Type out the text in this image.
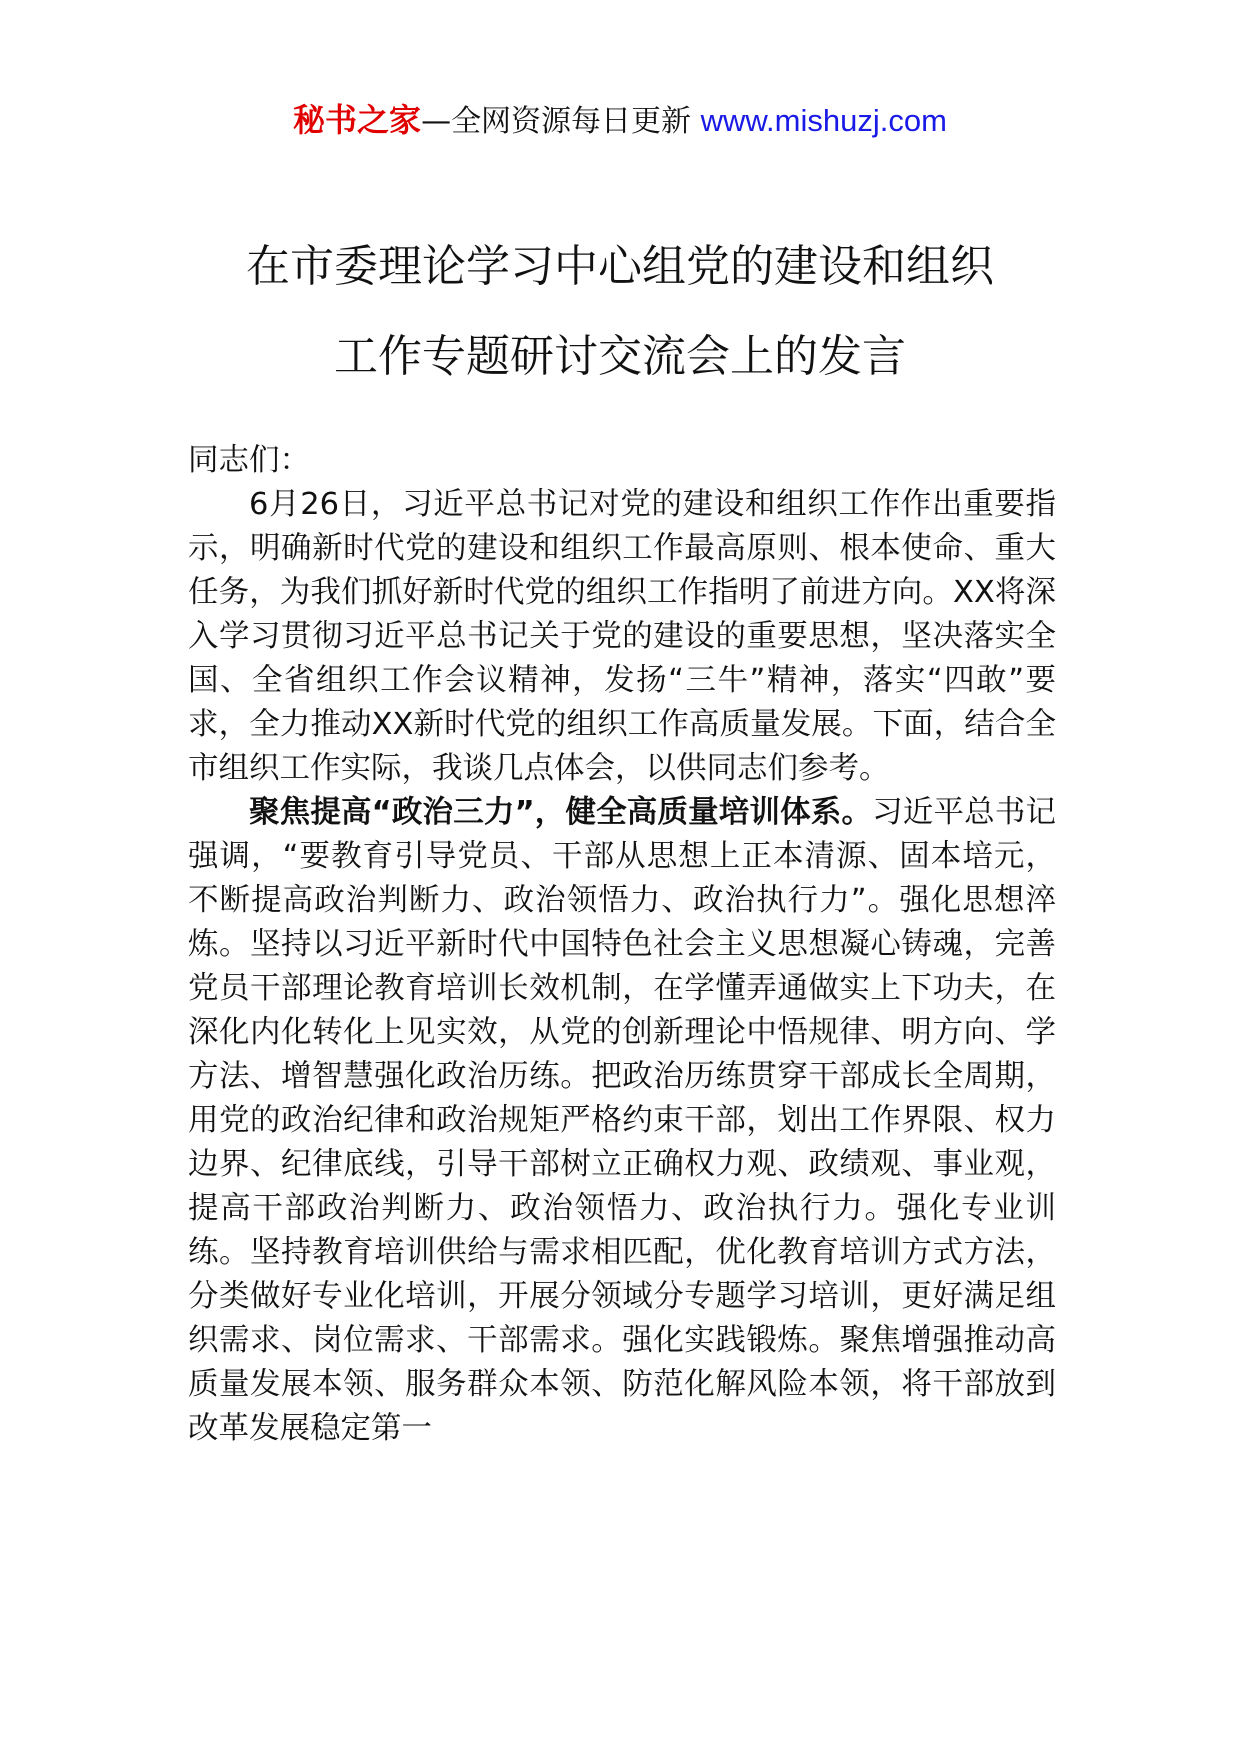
秘书之家—全网资源每日更新 www.mishuzj.com
在市委理论学习中心组党的建设和组织
工作专题研讨交流会上的发言

同志们：

6月26日，习近平总书记对党的建设和组织工作作出重要指示，明确新时代党的建设和组织工作最高原则、根本使命、重大任务，为我们抓好新时代党的组织工作指明了前进方向。XX将深入学习贯彻习近平总书记关于党的建设的重要思想，坚决落实全国、全省组织工作会议精神，发扬“三牛”精神，落实“四敢”要求，全力推动XX新时代党的组织工作高质量发展。下面，结合全市组织工作实际，我谈几点体会，以供同志们参考。

聚焦提高“政治三力”，健全高质量培训体系。习近平总书记强调，“要教育引导党员、干部从思想上正本清源、固本培元，不断提高政治判断力、政治领悟力、政治执行力”。强化思想淬炼。坚持以习近平新时代中国特色社会主义思想凝心铸魂，完善党员干部理论教育培训长效机制，在学懂弄通做实上下功夫，在深化内化转化上见实效，从党的创新理论中悟规律、明方向、学方法、增智慧强化政治历练。把政治历练贯穿干部成长全周期，用党的政治纪律和政治规矩严格约束干部，划出工作界限、权力边界、纪律底线，引导干部树立正确权力观、政绩观、事业观，提高干部政治判断力、政治领悟力、政治执行力。强化专业训练。坚持教育培训供给与需求相匹配，优化教育培训方式方法，分类做好专业化培训，开展分领域分专题学习培训，更好满足组织需求、岗位需求、干部需求。强化实践锻炼。聚焦增强推动高质量发展本领、服务群众本领、防范化解风险本领，将干部放到改革发展稳定第一
